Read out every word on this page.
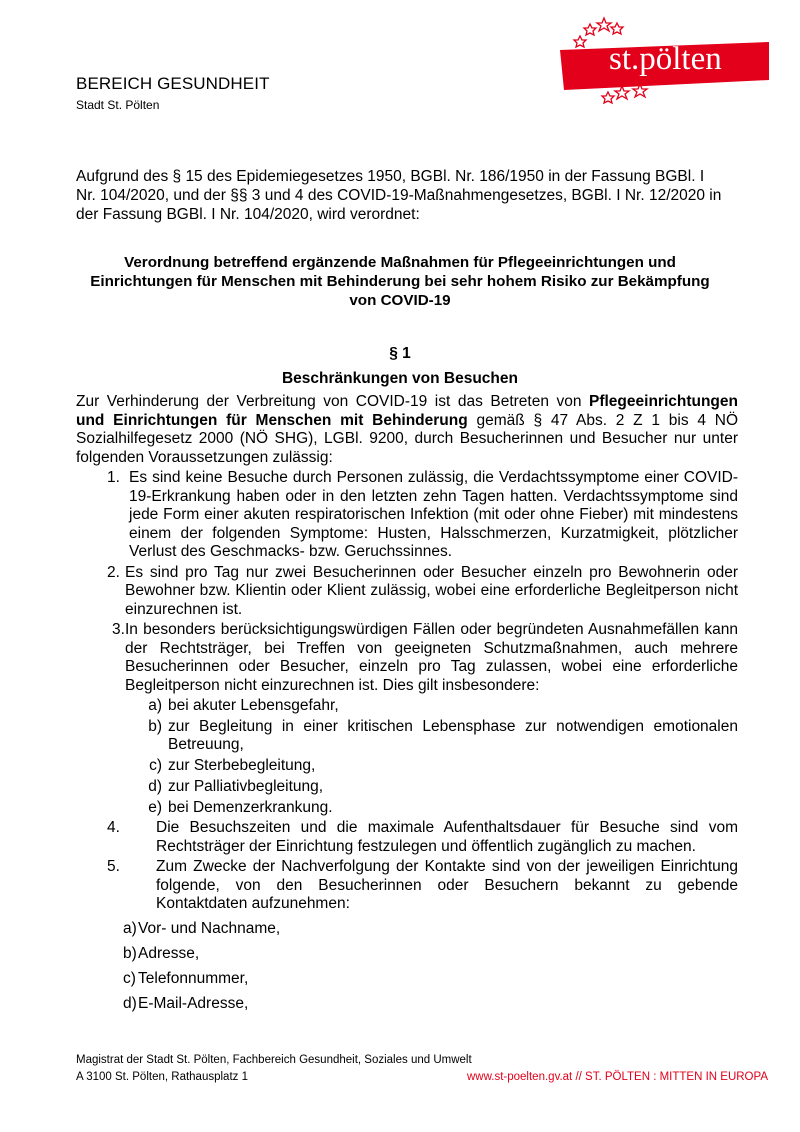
BEREICH GESUNDHEIT
Stadt St. Pölten
st.pölten
Aufgrund des § 15 des Epidemiegesetzes 1950, BGBl. Nr. 186/1950 in der Fassung BGBl. I Nr. 104/2020, und der §§ 3 und 4 des COVID-19-Maßnahmengesetzes, BGBl. I Nr. 12/2020 in der Fassung BGBl. I Nr. 104/2020, wird verordnet:
Verordnung betreffend ergänzende Maßnahmen für Pflegeeinrichtungen und Einrichtungen für Menschen mit Behinderung bei sehr hohem Risiko zur Bekämpfung von COVID-19
§ 1
Beschränkungen von Besuchen

Zur Verhinderung der Verbreitung von COVID-19 ist das Betreten von Pflegeeinrichtungen und Einrichtungen für Menschen mit Behinderung gemäß § 47 Abs. 2 Z 1 bis 4 NÖ Sozialhilfegesetz 2000 (NÖ SHG), LGBl. 9200, durch Besucherinnen und Besucher nur unter folgenden Voraussetzungen zulässig:

1. Es sind keine Besuche durch Personen zulässig, die Verdachtssymptome einer COVID-19-Erkrankung haben oder in den letzten zehn Tagen hatten. Verdachtssymptome sind jede Form einer akuten respiratorischen Infektion (mit oder ohne Fieber) mit mindestens einem der folgenden Symptome: Husten, Halsschmerzen, Kurzatmigkeit, plötzlicher Verlust des Geschmacks- bzw. Geruchssinnes.
2. Es sind pro Tag nur zwei Besucherinnen oder Besucher einzeln pro Bewohnerin oder Bewohner bzw. Klientin oder Klient zulässig, wobei eine erforderliche Begleitperson nicht einzurechnen ist.
3. In besonders berücksichtigungswürdigen Fällen oder begründeten Ausnahmefällen kann der Rechtsträger, bei Treffen von geeigneten Schutzmaßnahmen, auch mehrere Besucherinnen oder Besucher, einzeln pro Tag zulassen, wobei eine erforderliche Begleitperson nicht einzurechnen ist. Dies gilt insbesondere:
a) bei akuter Lebensgefahr,
b) zur Begleitung in einer kritischen Lebensphase zur notwendigen emotionalen Betreuung,
c) zur Sterbebegleitung,
d) zur Palliativbegleitung,
e) bei Demenzerkrankung.
4.	Die Besuchszeiten und die maximale Aufenthaltsdauer für Besuche sind vom Rechtsträger der Einrichtung festzulegen und öffentlich zugänglich zu machen.
5.	Zum Zwecke der Nachverfolgung der Kontakte sind von der jeweiligen Einrichtung folgende, von den Besucherinnen oder Besuchern bekannt zu gebende Kontaktdaten aufzunehmen:
a) Vor- und Nachname,
b) Adresse,
c) Telefonnummer,
d) E-Mail-Adresse,
Magistrat der Stadt St. Pölten, Fachbereich Gesundheit, Soziales und Umwelt
A 3100 St. Pölten, Rathausplatz 1	www.st-poelten.gv.at // ST. PÖLTEN : MITTEN IN EUROPA
